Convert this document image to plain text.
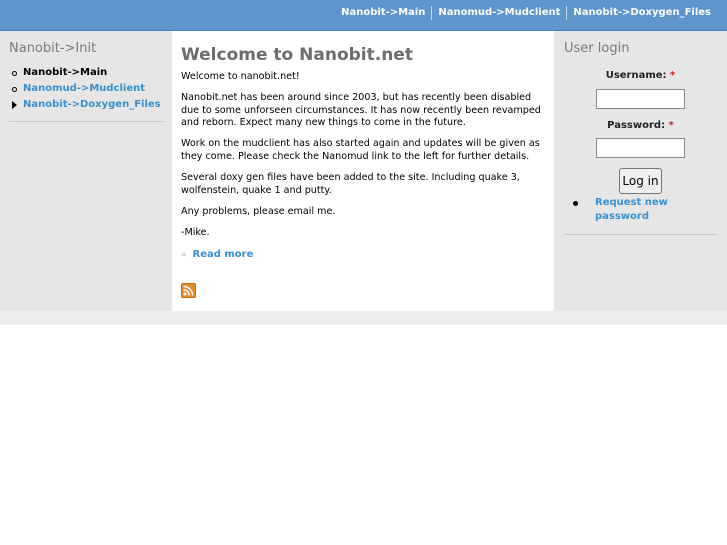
Nanobit->Main	Nanomud->Mudclient	Nanobit->Doxygen_Files
Nanobit->Init
Nanobit->Main
Nanomud->Mudclient
Nanobit->Doxygen_Files
Welcome to Nanobit.net

Welcome to nanobit.net!

Nanobit.net has been around since 2003, but has recently been disabled due to some unforseen circumstances. It has now recently been revamped and reborn. Expect many new things to come in the future.

Work on the mudclient has also started again and updates will be given as they come. Please check the Nanomud link to the left for further details.

Several doxy gen files have been added to the site. Including quake 3, wolfenstein, quake 1 and putty.

Any problems, please email me.

-Mike.

» Read more
User login
Username: *
Password: *
Log in
Request new password
